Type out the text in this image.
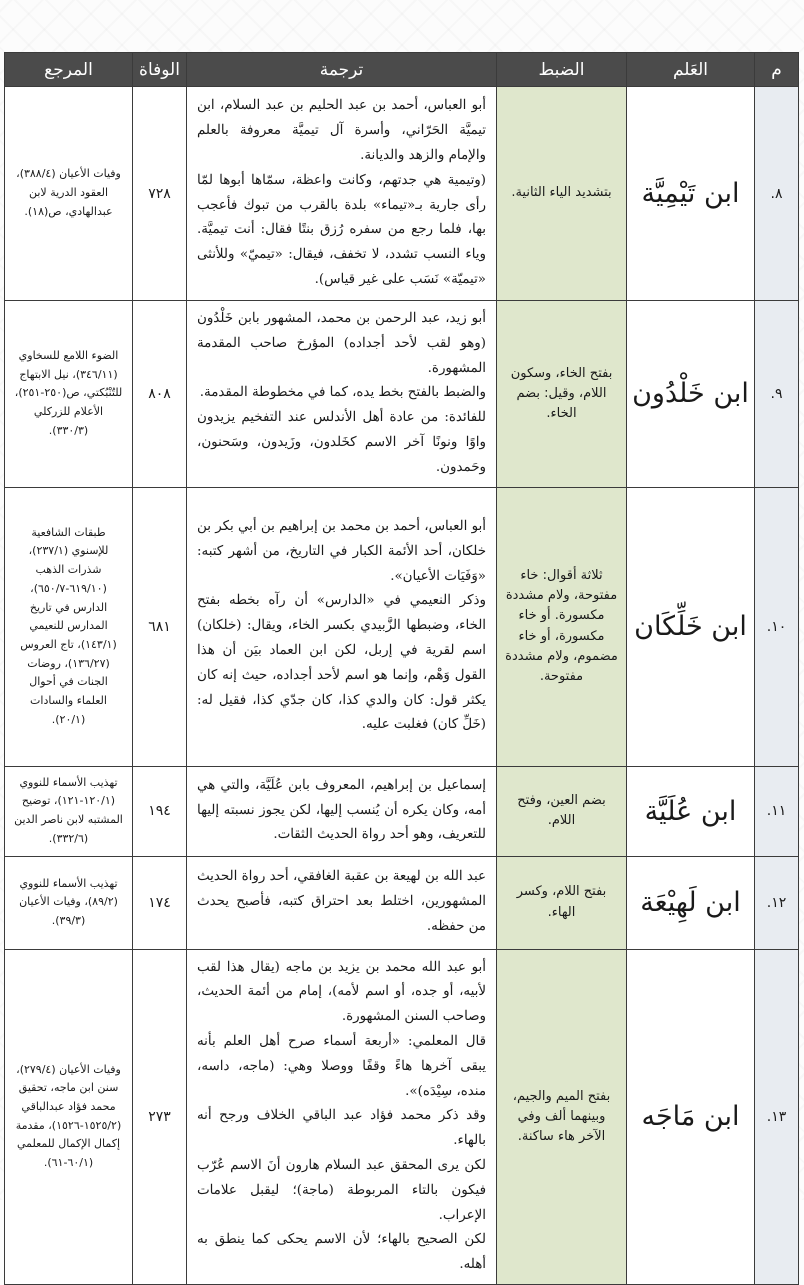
م	العَلم	الضبط	ترجمة	الوفاة	المرجع
٨.	ابن تَيْمِيَّة	بتشديد الياء الثانية.	أبو العباس، أحمد بن عبد الحليم بن عبد السلام، ابن تيميَّة الحَرّاني، وأسرة آل تيميَّة معروفة بالعلم والإمام والزهد والديانة.

(وتيمية هي جدتهم، وكانت واعظة، سمّاها أبوها لمّا رأى جارية بـ«تيماء» بلدة بالقرب من تبوك فأعجب بها، فلما رجع من سفره رُزق بنتًا فقال: أنت تيميَّة. وياء النسب تشدد، لا تخفف، فيقال: «تيميّ» وللأنثى «تيميّة» نَسَب على غير قياس).	٧٢٨	وفيات الأعيان (٣٨٨/٤)، العقود الدرية لابن عبدالهادي، ص(١٨).
٩.	ابن خَلْدُون	بفتح الخاء، وسكون اللام، وقيل: بضم الخاء.	أبو زيد، عبد الرحمن بن محمد، المشهور بابن خَلْدُون (وهو لقب لأحد أجداده) المؤرخ صاحب المقدمة المشهورة.

والضبط بالفتح بخط يده، كما في مخطوطة المقدمة.

للفائدة: من عادة أهل الأندلس عند التفخيم يزيدون واوًا ونونًا آخر الاسم كخَلدون، وزَيدون، وسَحنون، وحَمدون.	٨٠٨	الضوء اللامع للسخاوي (٣٤٦/١١)، نيل الابتهاج للتُنْبُكتي، ص(٢٥٠-٢٥١)، الأعلام للزركلي (٣٣٠/٣).
١٠.	ابن خَلِّكَان	ثلاثة أقوال: خاء مفتوحة، ولام مشددة مكسورة. أو خاء مكسورة، أو خاء مضموم، ولام مشددة مفتوحة.	أبو العباس، أحمد بن محمد بن إبراهيم بن أبي بكر بن خلكان، أحد الأئمة الكبار في التاريخ، من أشهر كتبه: «وَفَيَات الأعيان».

وذكر النعيمي في «الدارس» أن رآه بخطه بفتح الخاء، وضبطها الزَّبيدي بكسر الخاء، ويقال: (خلكان) اسم لقرية في إربل، لكن ابن العماد بيَن أن هذا القول وَهْم، وإنما هو اسم لأحد أجداده، حيث إنه كان يكثر قول: كان والدي كذا، كان جدّي كذا، فقيل له: (خَلِّ كان) فغلبت عليه.	٦٨١	طبقات الشافعية للإسنوي (٢٣٧/١)، شذرات الذهب (٦١٩/١٠-٦٥٠/٧)، الدارس في تاريخ المدارس للنعيمي (١٤٣/١)، تاج العروس (١٣٦/٢٧)، روضات الجنات في أحوال العلماء والسادات (٢٠/١).
١١.	ابن عُلَيَّة	بضم العين، وفتح اللام.	إسماعيل بن إبراهيم، المعروف بابن عُلَيَّة، والتي هي أمه، وكان يكره أن يُنسب إليها، لكن يجوز نسبته إليها للتعريف، وهو أحد رواة الحديث الثقات.	١٩٤	تهذيب الأسماء للنووي (١٢٠/١-١٢١)، توضيح المشتبه لابن ناصر الدين (٣٣٢/٦).
١٢.	ابن لَهِيْعَة	بفتح اللام، وكسر الهاء.	عبد الله بن لهيعة بن عقبة الغافقي، أحد رواة الحديث المشهورين، اختلط بعد احتراق كتبه، فأصبح يحدث من حفظه.	١٧٤	تهذيب الأسماء للنووي (٨٩/٢)، وفيات الأعيان (٣٩/٣).
١٣.	ابن مَاجَه	بفتح الميم والجيم، وبينهما ألف وفي الآخر هاء ساكنة.	أبو عبد الله محمد بن يزيد بن ماجه (يقال هذا لقب لأبيه، أو جده، أو اسم لأمه)، إمام من أئمة الحديث، وصاحب السنن المشهورة.

قال المعلمي: «أربعة أسماء صرح أهل العلم بأنه يبقى آخرها هاءً وقفًا ووصلا وهي: (ماجه، داسه، منده، سِيْدَه)».

وقد ذكر محمد فؤاد عبد الباقي الخلاف ورجح أنه بالهاء.

لكن يرى المحقق عبد السلام هارون أنَ الاسم عُرّب فيكون بالتاء المربوطة (ماجة)؛ ليقبل علامات الإعراب.

لكن الصحيح بالهاء؛ لأن الاسم يحكى كما ينطق به أهله.	٢٧٣	وفيات الأعيان (٢٧٩/٤)، سنن ابن ماجه، تحقيق محمد فؤاد عبدالباقي (١٥٢٥/٢-١٥٢٦)، مقدمة إكمال الإكمال للمعلمي (٦٠/١-٦١).
